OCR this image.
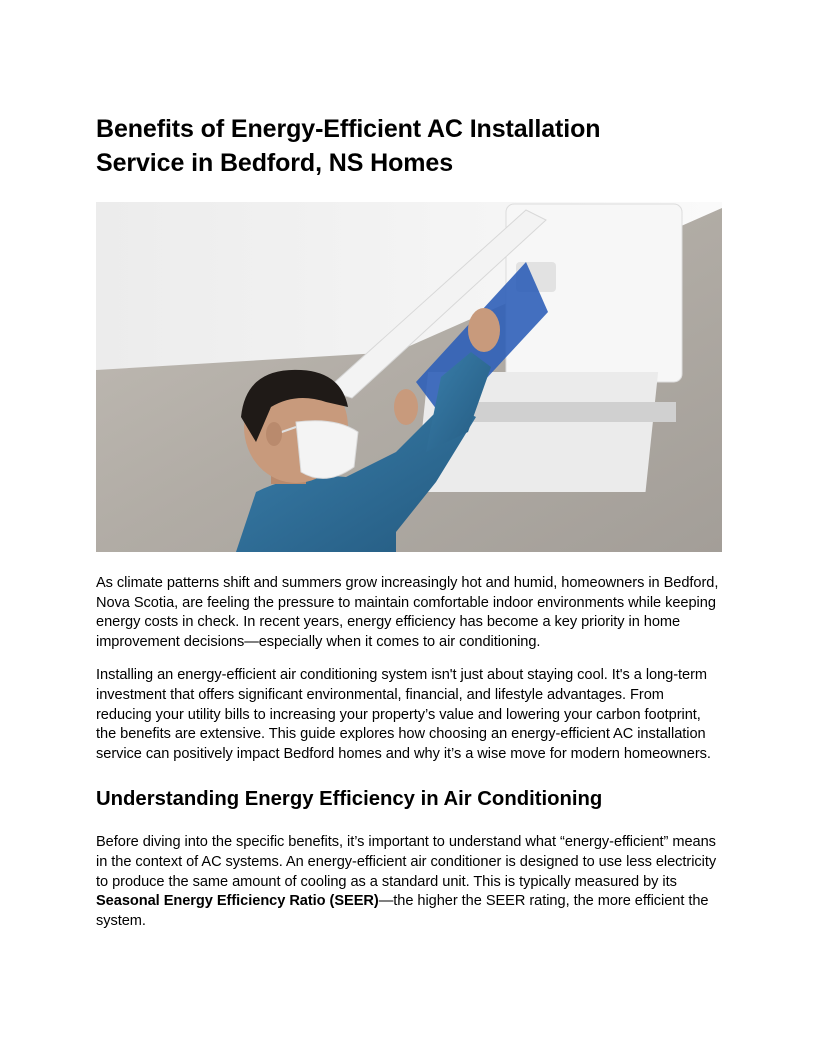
Benefits of Energy-Efficient AC Installation
Service in Bedford, NS Homes

As climate patterns shift and summers grow increasingly hot and humid, homeowners in Bedford, Nova Scotia, are feeling the pressure to maintain comfortable indoor environments while keeping energy costs in check. In recent years, energy efficiency has become a key priority in home improvement decisions—especially when it comes to air conditioning.

Installing an energy-efficient air conditioning system isn't just about staying cool. It's a long-term investment that offers significant environmental, financial, and lifestyle advantages. From reducing your utility bills to increasing your property’s value and lowering your carbon footprint, the benefits are extensive. This guide explores how choosing an energy-efficient AC installation service can positively impact Bedford homes and why it’s a wise move for modern homeowners.

Understanding Energy Efficiency in Air Conditioning

Before diving into the specific benefits, it’s important to understand what “energy-efficient” means in the context of AC systems. An energy-efficient air conditioner is designed to use less electricity to produce the same amount of cooling as a standard unit. This is typically measured by its Seasonal Energy Efficiency Ratio (SEER)—the higher the SEER rating, the more efficient the system.
